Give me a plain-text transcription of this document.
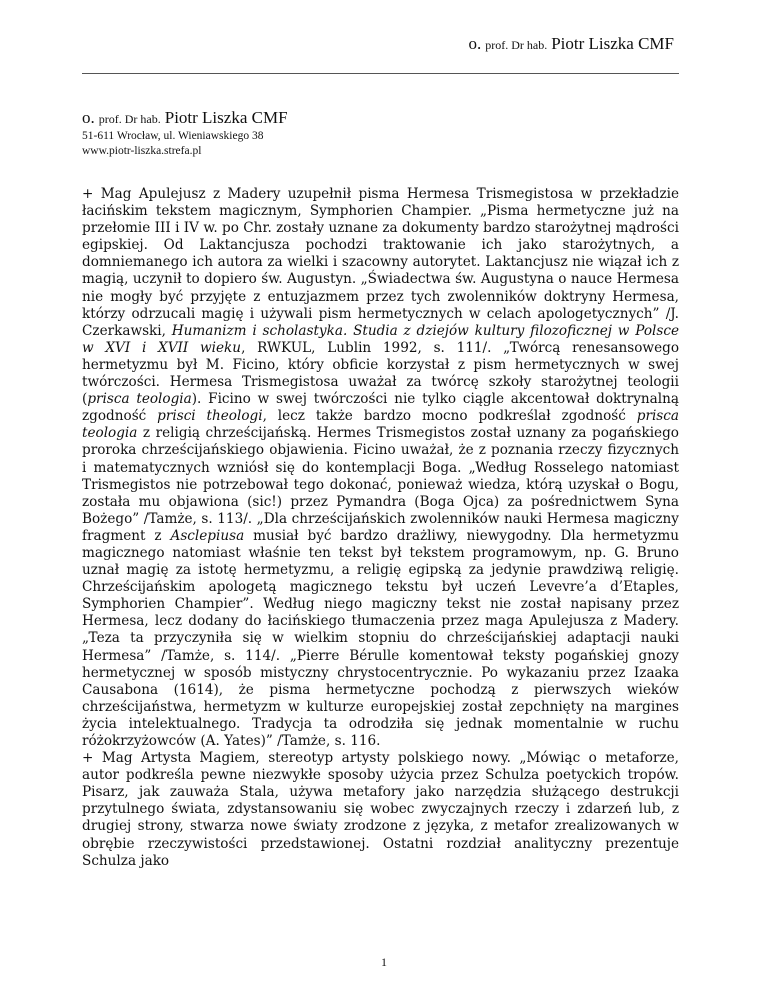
o. prof. Dr hab. Piotr Liszka CMF
o. prof. Dr hab. Piotr Liszka CMF
51-611 Wrocław, ul. Wieniawskiego 38
www.piotr-liszka.strefa.pl

+ Mag Apulejusz z Madery uzupełnił pisma Hermesa Trismegistosa w przekładzie łacińskim tekstem magicznym, Symphorien Champier. „Pisma hermetyczne już na przełomie III i IV w. po Chr. zostały uznane za dokumenty bardzo starożytnej mądrości egipskiej. Od Laktancjusza pochodzi traktowanie ich jako starożytnych, a domniemanego ich autora za wielki i szacowny autorytet. Laktancjusz nie wiązał ich z magią, uczynił to dopiero św. Augustyn. „Świadectwa św. Augustyna o nauce Hermesa nie mogły być przyjęte z entuzjazmem przez tych zwolenników doktryny Hermesa, którzy odrzucali magię i używali pism hermetycznych w celach apologetycznych” /J. Czerkawski, Humanizm i scholastyka. Studia z dziejów kultury filozoficznej w Polsce w XVI i XVII wieku, RWKUL, Lublin 1992, s. 111/. „Twórcą renesansowego hermetyzmu był M. Ficino, który obficie korzystał z pism hermetycznych w swej twórczości. Hermesa Trismegistosa uważał za twórcę szkoły starożytnej teologii (prisca teologia). Ficino w swej twórczości nie tylko ciągle akcentował doktrynalną zgodność prisci theologi, lecz także bardzo mocno podkreślał zgodność prisca teologia z religią chrześcijańską. Hermes Trismegistos został uznany za pogańskiego proroka chrześcijańskiego objawienia. Ficino uważał, że z poznania rzeczy fizycznych i matematycznych wzniósł się do kontemplacji Boga. „Według Rosselego natomiast Trismegistos nie potrzebował tego dokonać, ponieważ wiedza, którą uzyskał o Bogu, została mu objawiona (sic!) przez Pymandra (Boga Ojca) za pośrednictwem Syna Bożego” /Tamże, s. 113/. „Dla chrześcijańskich zwolenników nauki Hermesa magiczny fragment z Asclepiusa musiał być bardzo drażliwy, niewygodny. Dla hermetyzmu magicznego natomiast właśnie ten tekst był tekstem programowym, np. G. Bruno uznał magię za istotę hermetyzmu, a religię egipską za jedynie prawdziwą religię. Chrześcijańskim apologetą magicznego tekstu był uczeń Levevre’a d’Etaples, Symphorien Champier”. Według niego magiczny tekst nie został napisany przez Hermesa, lecz dodany do łacińskiego tłumaczenia przez maga Apulejusza z Madery. „Teza ta przyczyniła się w wielkim stopniu do chrześcijańskiej adaptacji nauki Hermesa” /Tamże, s. 114/. „Pierre Bérulle komentował teksty pogańskiej gnozy hermetycznej w sposób mistyczny chrystocentrycznie. Po wykazaniu przez Izaaka Causabona (1614), że pisma hermetyczne pochodzą z pierwszych wieków chrześcijaństwa, hermetyzm w kulturze europejskiej został zepchnięty na margines życia intelektualnego. Tradycja ta odrodziła się jednak momentalnie w ruchu różokrzyżowców (A. Yates)” /Tamże, s. 116.

+ Mag Artysta Magiem, stereotyp artysty polskiego nowy. „Mówiąc o metaforze, autor podkreśla pewne niezwykłe sposoby użycia przez Schulza poetyckich tropów. Pisarz, jak zauważa Stala, używa metafory jako narzędzia służącego destrukcji przytulnego świata, zdystansowaniu się wobec zwyczajnych rzeczy i zdarzeń lub, z drugiej strony, stwarza nowe światy zrodzone z języka, z metafor zrealizowanych w obrębie rzeczywistości przedstawionej. Ostatni rozdział analityczny prezentuje Schulza jako

1
